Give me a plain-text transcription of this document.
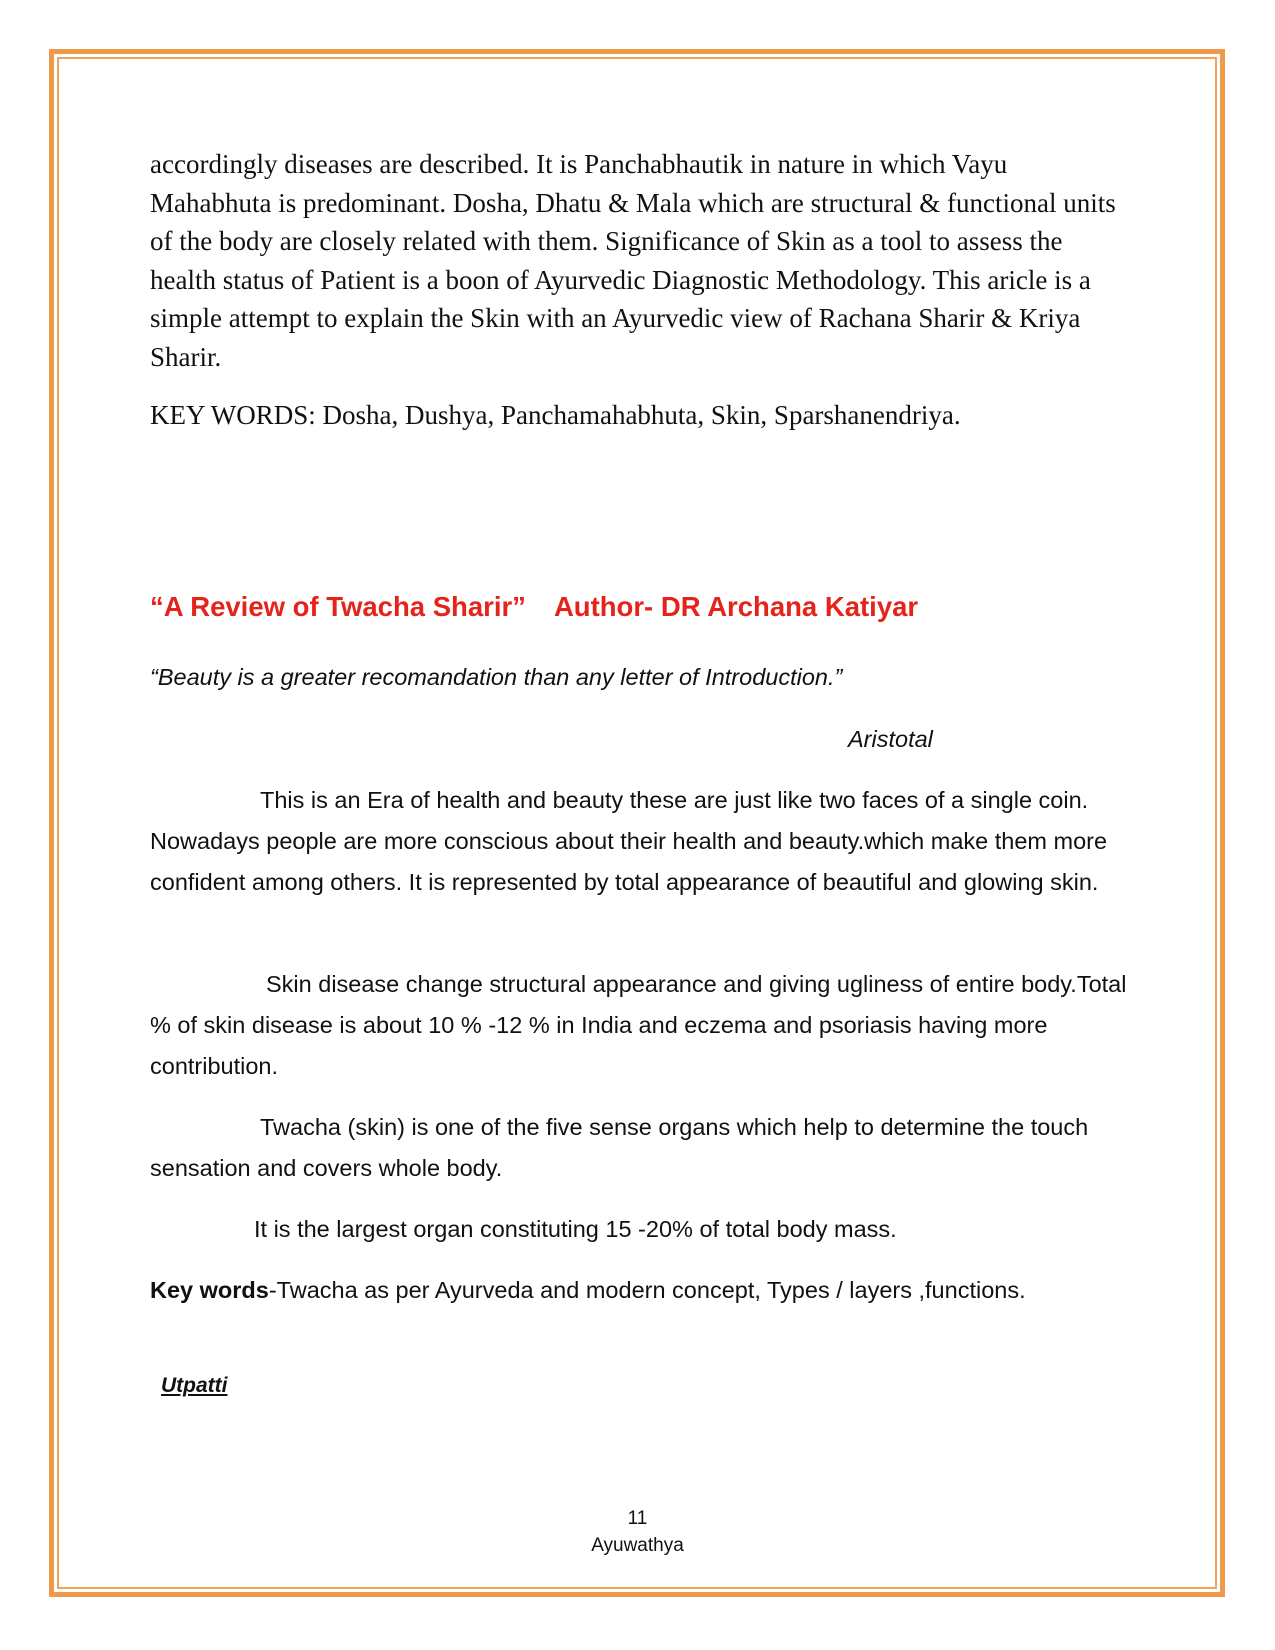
accordingly diseases are described. It is Panchabhautik in nature in which Vayu Mahabhuta is predominant. Dosha, Dhatu & Mala which are structural & functional units of the body are closely related with them. Significance of Skin as a tool to assess the health status of Patient is a boon of Ayurvedic Diagnostic Methodology. This aricle is a simple attempt to explain the Skin with an Ayurvedic view of Rachana Sharir & Kriya Sharir.

KEY WORDS: Dosha, Dushya, Panchamahabhuta, Skin, Sparshanendriya.

“A Review of Twacha Sharir” Author- DR Archana Katiyar

“Beauty is a greater recomandation than any letter of Introduction.”

Aristotal

This is an Era of health and beauty these are just like two faces of a single coin. Nowadays people are more conscious about their health and beauty.which make them more confident among others. It is represented by total appearance of beautiful and glowing skin.

Skin disease change structural appearance and giving ugliness of entire body.Total % of skin disease is about 10 % -12 % in India and eczema and psoriasis having more contribution.

Twacha (skin) is one of the five sense organs which help to determine the touch sensation and covers whole body.

It is the largest organ constituting 15 -20% of total body mass.

Key words-Twacha as per Ayurveda and modern concept, Types / layers ,functions.

Utpatti

11

Ayuwathya
